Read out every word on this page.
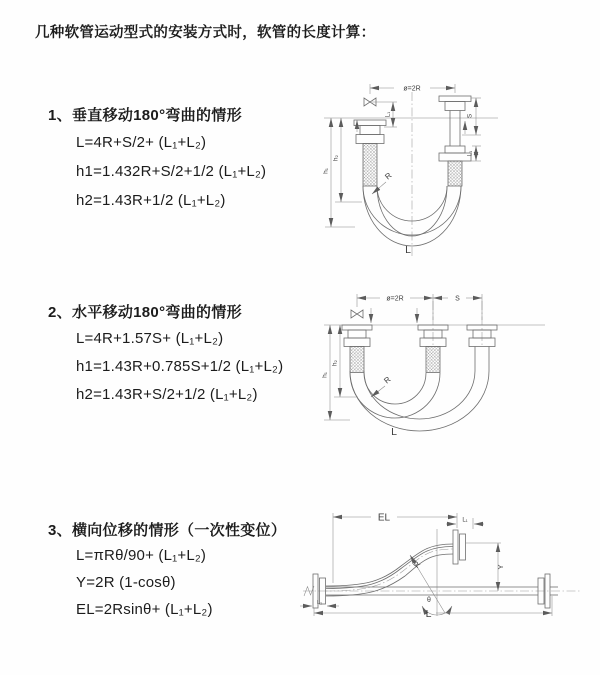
几种软管运动型式的安装方式时，软管的长度计算：
1、垂直移动180°弯曲的情形
L=4R+S/2+ (L₁+L₂)
h1=1.432R+S/2+1/2 (L₁+L₂)
h2=1.43R+1/2 (L₁+L₂)
ø=2R
L₁	S
L₁
h₂
h₁	R
L
2、水平移动180°弯曲的情形
L=4R+1.57S+ (L₁+L₂)
h1=1.43R+0.785S+1/2 (L₁+L₂)
h2=1.43R+S/2+1/2 (L₁+L₂)
ø=2R	S
h₁
h₂
R
L
3、横向位移的情形（一次性变位）
L=πRθ/90+ (L₁+L₂)
Y=2R (1-cosθ)
EL=2Rsinθ+ (L₁+L₂)
EL	L₁
R
θ
Y
L₁
L
